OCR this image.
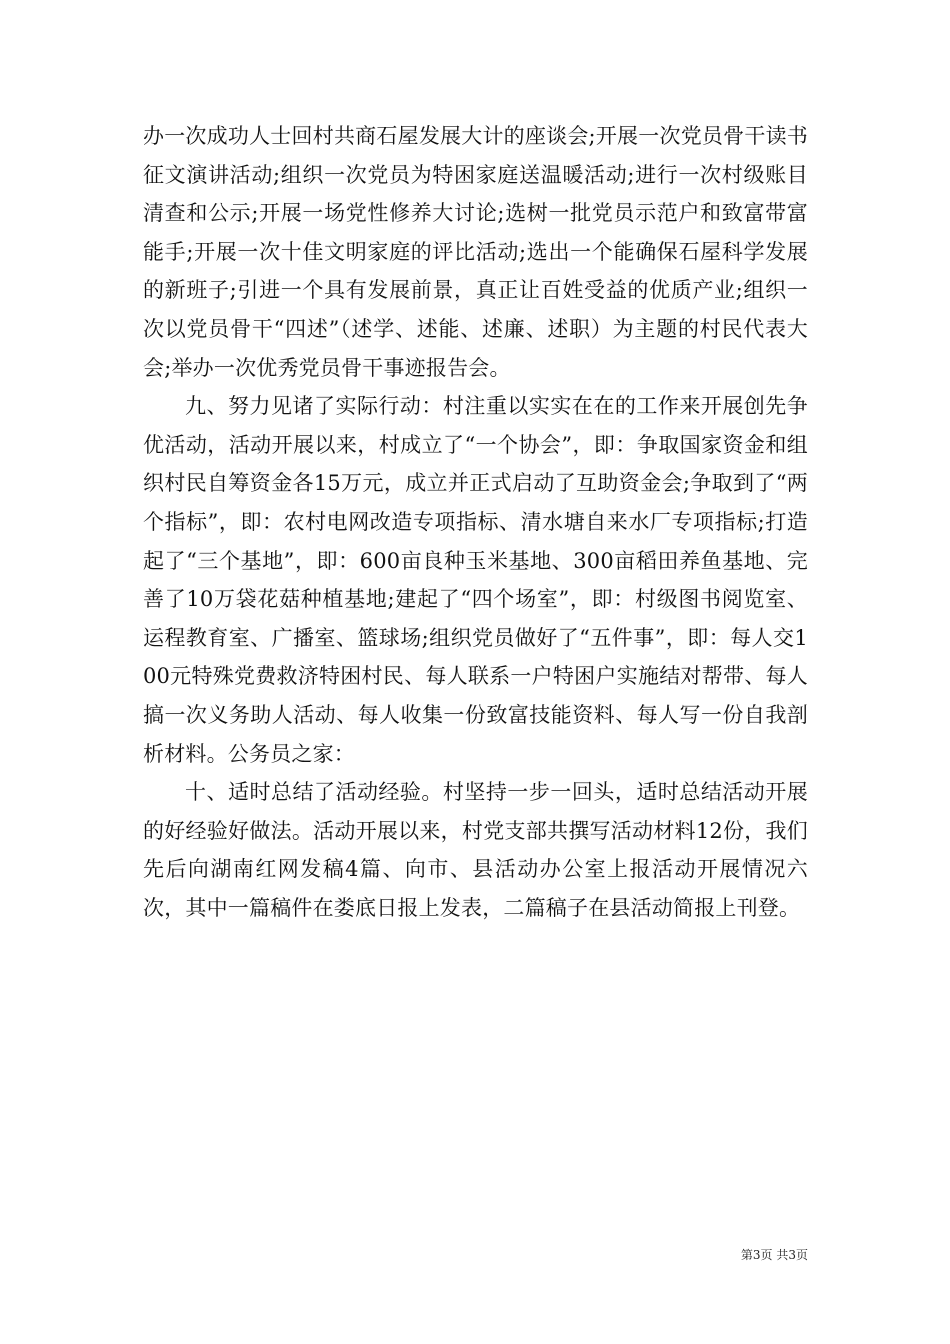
办一次成功人士回村共商石屋发展大计的座谈会;开展一次党员骨干读书征文演讲活动;组织一次党员为特困家庭送温暖活动;进行一次村级账目清查和公示;开展一场党性修养大讨论;选树一批党员示范户和致富带富能手;开展一次十佳文明家庭的评比活动;选出一个能确保石屋科学发展的新班子;引进一个具有发展前景，真正让百姓受益的优质产业;组织一次以党员骨干“四述”（述学、述能、述廉、述职）为主题的村民代表大会;举办一次优秀党员骨干事迹报告会。

九、努力见诸了实际行动：村注重以实实在在的工作来开展创先争优活动，活动开展以来，村成立了“一个协会”，即：争取国家资金和组织村民自筹资金各15万元，成立并正式启动了互助资金会;争取到了“两个指标”，即：农村电网改造专项指标、清水塘自来水厂专项指标;打造起了“三个基地”，即：600亩良种玉米基地、300亩稻田养鱼基地、完善了10万袋花菇种植基地;建起了“四个场室”，即：村级图书阅览室、运程教育室、广播室、篮球场;组织党员做好了“五件事”，即：每人交100元特殊党费救济特困村民、每人联系一户特困户实施结对帮带、每人搞一次义务助人活动、每人收集一份致富技能资料、每人写一份自我剖析材料。公务员之家：

十、适时总结了活动经验。村坚持一步一回头，适时总结活动开展的好经验好做法。活动开展以来，村党支部共撰写活动材料12份，我们先后向湖南红网发稿4篇、向市、县活动办公室上报活动开展情况六次，其中一篇稿件在娄底日报上发表，二篇稿子在县活动简报上刊登。

第3页 共3页
